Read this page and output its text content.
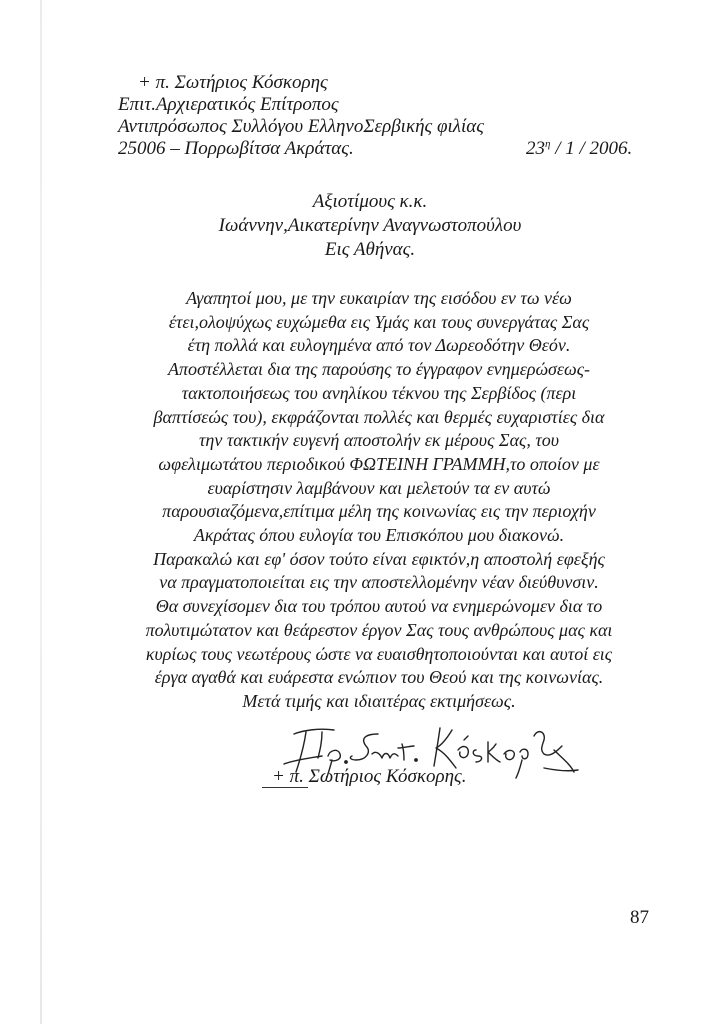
+ π. Σωτήριος Κόσκορης
Επιτ.Αρχιερατικός Επίτροπος
Αντιπρόσωπος Συλλόγου ΕλληνοΣερβικής φιλίας
25006 – Πορρωβίτσα Ακράτας.	$23^\eta / 1 / 2006$.
Αξιοτίμους κ.κ.
Ιωάννην,Αικατερίνην Αναγνωστοπούλου
Εις Αθήνας.
Αγαπητοί μου, με την ευκαιρίαν της εισόδου εν τω νέω
έτει,ολοψύχως ευχώμεθα εις Υμάς και τους συνεργάτας Σας
έτη πολλά και ευλογημένα από τον Δωρεοδότην Θεόν.
Αποστέλλεται δια της παρούσης το έγγραφον ενημερώσεως-
τακτοποιήσεως του ανηλίκου τέκνου της Σερβίδος (περι
βαπτίσεώς του), εκφράζονται πολλές και θερμές ευχαριστίες δια
την τακτικήν ευγενή αποστολήν εκ μέρους Σας, του
ωφελιμωτάτου περιοδικού ΦΩΤΕΙΝΗ ΓΡΑΜΜΗ,το οποίον με
ευαρίστησιν λαμβάνουν και μελετούν τα εν αυτώ
παρουσιαζόμενα,επίτιμα μέλη της κοινωνίας εις την περιοχήν
Ακράτας όπου ευλογία του Επισκόπου μου διακονώ.
Παρακαλώ και εφ' όσον τούτο είναι εφικτόν,η αποστολή εφεξής
να πραγματοποιείται εις την αποστελλομένην νέαν διεύθυνσιν.
Θα συνεχίσομεν δια του τρόπου αυτού να ενημερώνομεν δια το
πολυτιμώτατον και θεάρεστον έργον Σας τους ανθρώπους μας και
κυρίως τους νεωτέρους ώστε να ευαισθητοποιούνται και αυτοί εις
έργα αγαθά και ευάρεστα ενώπιον του Θεού και της κοινωνίας.
Μετά τιμής και ιδιαιτέρας εκτιμήσεως.
Πρ. Σωτ. Κόσκορης
+ π. Σωτήριος Κόσκορης.
87
